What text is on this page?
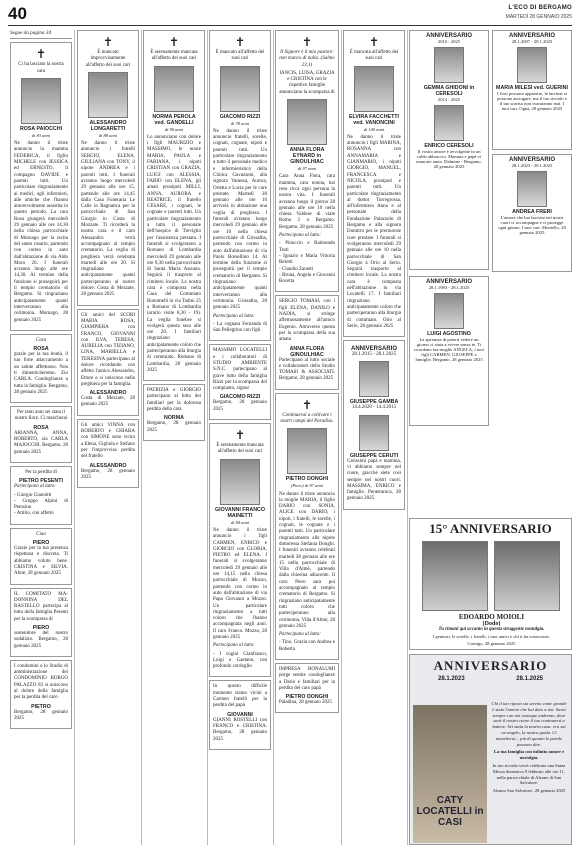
40	L'ECO DI BERGAMO
MARTEDÌ 28 GENNAIO 2025
Segue da pagina 34
✝

Ci ha lasciato la nostra cara

ROSA PAIOCCHI
di 83 anni

Ne danno il triste annuncio la mamma FEDERICA, il figlio MICHELE con JESSICA ed ERNESTO, il compagno DAVIDE e parenti tutti. Un particolare ringraziamento ai medici, agli infermieri, alle amiche che l'hanno amorevolmente assistita in questo periodo. La cara Rosa giungerà mercoledì 29 gennaio alle ore 14,30 nella chiesa parrocchiale di Mornago per la recita del santo rosario, partendo con corteo in auto dall'abitazione di via Aldo Moro 26. I funerali avranno luogo alle ore 14,30. Al termine della funzione si proseguirà per il tempio crematorio di Bergamo. Si ringraziano anticipatamente quanti interverranno alla cerimonia. Mornago, 28 gennaio 2025

Cara

ROSA

grazie per la tua bontà, il tuo forte attaccamento a un salute affettuoso. Non ti dimenticheremo. Zio CARLA. Condoglianze a tutta la famiglia. Bergamo, 28 gennaio 2025

Per tanti anni sei stata il nostro fiore. Ci mancherai

ROSA

ARIANNA, ANNA, ROBERTO, zia CARLA MAJOCCHI. Bergamo, 28 gennaio 2025

Per la perdita di

PIETRO PESENTI

Partecipano al lutto:

- Giorgio Giannitti
- Gruppo Alpini di Petosino
- Attilio, con affetto

Ciao

PIERO

Grazie per la tua presenza rispettosa e discreta. Ti abbiamo voluto bene. CRISTINA e SILVIA. Almè, 28 gennaio 2025

IL COMITATO MA-DONNINA DEL RASTELLO partecipa al lutto della famiglia Pesenti per la scomparsa di

PIERO

sostenitore del nostro sodalizio. Bergamo, 28 gennaio 2025

I condomini e lo Studio di amministrazione del CONDOMINIO BORGO PALAZZO 83 si uniscono al dolore della famiglia per la perdita del caro

PIETRO

Bergamo, 28 gennaio 2025

✝

È mancato improvvisamente all'affetto dei suoi cari

ALESSANDRO LONGARETTI
di 88 anni

Ne danno il triste annuncio i fratelli SERGIO, ELENA, GIULIANA con TONY, il nipote ANDREA e i parenti tutti. I funerali avranno luogo mercoledì 29 gennaio alle ore 15, partendo alle ore 14,45 dalla Casa Funeraria Le Calle in Bagnatica per la parrocchiale di San Giorgio in Costa di Mozzate. Ti ricorderà la nostra cara e il caro Alessandro verrà accompagnato al tempio crematorio. La veglia di preghiera verrà celebrata martedì alle ore 20. Si ringraziano anticipatamente quanti parteciperanno al nostro dolore. Costa di Mezzate, 28 gennaio 2025

Gli amici del SCORI MARIA ROSA, GIAMPIERA con FRANCO, GIOVANNI con ILVA, TERESA, AURELIA con TIZIANO, LINA, MARIELLA e TERESINA partecipano al dolore ricordando con affetto l'amico Alessandro, Ettore e si uniscono nella preghiera per la famiglia.

ALESSANDRO

Costa di Mezzate, 28 gennaio 2025

Gli amici VINNA con ROBERTO e CHIARA con SIMONE sono vicini a Elena, Gigliola e Stefano per l'improvvisa perdita del fratello

ALESSANDRO

Bergamo, 28 gennaio 2025

✝

È serenamente mancata all'affetto dei suoi cari

NORMA PEROLA ved. GANDELLI
di 96 anni

Lo annunciano con dolore i figli MAURIZIO e MASSIMO, le nuore MARIA, PAOLA e FABIANA, i nipoti CRISTIAN con GRAZIA, LUIGI con ALESSIA, FABIO con ELENA, gli amati pronipoti MILLI, ANNA, AURORA e BEATRICE, il fratello CESARE, i cognati, le cognate e parenti tutti. Un particolare ringraziamento a tutto il personale dell'hospice di Treviglio per l'assistenza prestata. I funerali si svolgeranno a Romano di Lombardia mercoledì 29 gennaio alle ore 9,30 nella parrocchiale di Santa Maria Assunta. Seguirà il trasporto al cimitero locale. La nostra cara è composta nella Casa del Commiato Bonomelli in via Tadini 25 a Romano di Lombardia (orario visite 8,30 - 19). La veglia funebre si svolgerà questa sera alle ore 20. I familiari ringraziano anticipatamente coloro che parteciperanno alla liturgia di commiato. Romano di Lombardia, 28 gennaio 2025

PATRIZIA e GIORGIO partecipano al lutto dei familiari per la dolorosa perdita della cara

NORMA

Bergamo, 28 gennaio 2025

✝

È mancato all'affetto dei suoi cari

GIACOMO RIZZI
di 78 anni

Ne danno il triste annuncio fratelli, sorelle, cognati, cognate, nipoti e parenti tutti. Un particolare ringraziamento a tutto il personale medico e infermieristico della Clinica Gavazzeni, alla signora Vanessa, Aurora, Orietta e Lucia per le cure prestate. Martedì 28 gennaio alle ore 16 arriverà in abitazione una veglia di preghiera. I funerali avranno luogo mercoledì 29 gennaio alle ore 10 nella chiesa parrocchiale di Grissalba, partendo con corteo in auto dall'abitazione di via Paolo Borsellino 14. Al termine della funzione si proseguirà per il tempio crematorio di Bergamo. Si ringraziano anticipatamente quanti interverranno alla cerimonia. Grissalba, 28 gennaio 2025

Partecipano al lutto:

- La cognata Fernanda di San Pellegrino con figli

MASSIMO LOCATELLI e i collaboratori di STUDIO AMBIENTE S.N.C. partecipano al grave lutto della famiglia Rizzi per la scomparsa del compianto, signor

GIACOMO RIZZI

Bergamo, 28 gennaio 2025

✝

È serenamente mancata all'affetto dei suoi cari

GIOVANNI FRANCO MAINETTI
di 84 anni

Ne danno il triste annuncio i figli CARMEN, ENRICO e GIORGIO con GLORIA, PIETRO ed ELENA. I funerali si svolgeranno mercoledì 29 gennaio alle ore 14,15 nella chiesa parrocchiale di Mozzo, partendo con corteo in auto dall'abitazione di via Papa Giovanni a Mozzo. Un particolare ringraziamento a tutti coloro che l'hanno accompagnata negli anni. Il caro Franco. Mozzo, 28 gennaio 2025

Partecipano al lutto:

- I cugini Gianfranco, Luigi e Gaetano, con profondo cordoglio

In questo difficile momento siamo vicini a Carmen fratelli per la perdita del papà

GIOVANNI

GIANNI ROSTELLI con FRANCO e CRISTINA. Bergamo, 28 gennaio 2025

✝

Il Signore è il mio pastore: non manco di nulla. (Salmo 23,1)

IANCIS, LUISA, GRAZIA e CRISTINA con le rispettive famiglie annunciano la scomparsa di

ANNA FLORA EYNARD in GINOULHIAC
di 97 anni

Cara Anna Flora, cara mamma, cara nonna, hai reso ricca ogni persona la nostra vita. I funerali avranno luogo il giorno 28 gennaio alle ore 10 nella chiesa Valdese di viale Roma 2 a Bergamo. Bergamo, 28 gennaio 2025

Partecipano al lutto:

- Pinuccio e Raimondo Testi
- Ignazio e Maria Vittoria Belotti
- Claudio Zanetti
- Bruna, Angela e Giovanni Rocetta

SERGIO TOMASI, con i figli ELENA, DANILO e NADIA, si stringe affettuosamente all'amico Eugenio. Attraverso questa per la scomparsa della sua amata

ANNA FLORA GINOULHIAC

Partecipano al lutto sociale e collaboratori dello Studio TOMASI & ASSOCIATI. Bergamo, 28 gennaio 2025

✝

Continuerai a coltivare i nostri campi del Paradiso.

PIETRO DONGHI
(Piero) di 87 anni

Ne danno il triste annuncio la moglie MARIA, il figlio DARIO con SONIA, ALICE con DARIO, i nipoti, i fratelli, le sorelle, i cognati, le cognate e i parenti tutti. Un particolare ringraziamento alle nipote dottoressa Stefania Donghi. I funerali avranno celebrati martedì 28 gennaio alle ore 15 nella parrocchiale di Villa d'Almè, partendo dalla chiesina adiacente. Il caro Piero sarà poi accompagnato al tempio crematorio di Bergamo. Si ringraziano anticipatamente tutti coloro che parteciperanno alla cerimonia. Villa d'Almè, 28 gennaio 2025

Partecipano al lutto:

- Tino, Grazia con Andrea e Roberta

IMPRESA BONALUMI porge sentite condoglianze a Dario e familiari per la perdita del caro papà

PIETRO DONGHI

Paladina, 28 gennaio 2025

✝

È mancata all'affetto dei suoi cari

ELVIRA FACCHETTI ved. VANONCINI
di 100 anni

Ne danno il triste annuncio i figli MARINA, ROSANNA con ANNAMARIA e GIANMARIO, i nipoti GIORGIO, MANUEL, FRANCESCA e NICOLA, pronipoti e parenti tutti. Un particolare ringraziamento al dottor Torregrossa, all'infermiera Anna e al personale della Fondazione Palazzolo di Bergamo e alla signora Dumitru per le premurose cure prestate. I funerali si svolgeranno mercoledì 29 gennaio alle ore 10 nella parrocchiale di San Giorgio a Orio al Serio. Seguirà trasporto al cimitero locale. La nostra cara è composta nell'abitazione in via Locatelli 17. I familiari ringraziano anticipatamente coloro che parteciperanno alla liturgia di commiato. Orio al Serio, 28 gennaio 2025

ANNIVERSARIO

28.1.2015 - 28.1.2025

GIUSEPPE GAMBA

14.4.2020 - 14.4.2015

GIUSEPPE CERUTI

Carissimi papà e mamma, vi abbiamo sempre nel cuore, giacché siete così sempre nei nostri cuori. MASSIMA, ENRICO e famiglie. Ponteranica, 28 gennaio 2025

ANNIVERSARIO

2010 - 2025

GEMMA GHIDONI in CERESOLI

2014 - 2025

ENRICO CERESOLI

Il vostro amore è avvolgente in un caldo abbraccio. Mamma e papà vi mancate tanto. Dalmine - Bergamo, 28 gennaio 2025

ANNIVERSARIO

28.1.2007 - 28.1.2025

MARIA MILESI ved. GUERINI

I fiori possono appassire, le lacrime si possono asciugare, ma il tuo ricordo e il tuo sorriso non svaniranno mai. I tuoi cari. Ogna, 28 gennaio 2025

ANNIVERSARIO

28.1.2023 - 28.1.2025

ANDREA FRERI

L'amore che hai lasciato nei nostri cuori ci accompagna e ci protegge ogni giorno. I tuoi cari. Montello, 28 gennaio 2025

ANNIVERSARIO

28.1.1983 - 28.1.2025

LUIGI AGOSTINO

La speranza di poterti vedere un giorno ci aiuta a vivere senza te. Ti ricordano tua moglie ANGELA, i tuoi figli CARMEN, GIUSEPPE e famiglie. Bergamo, 28 gennaio 2025

15° ANNIVERSARIO
EDOARDO MOIOLI
(Dodo)

Tu rimani qui accanto in questa struggente nostalgia.

I genitori, le sorelle, i fratelli, i tuoi amici e chi ti ha conosciuto.

Casnigo, 28 gennaio 2025

ANNIVERSARIO
28.1.2023	28.1.2025
CATY LOCATELLI in CASI

Chi il tuo riposo sia sereno come grande è stato l'amore che hai dato a noi. Sarai sempre con noi ovunque andremo, dove sarà il nostro cuore il tuo continuerà a battere. Sei stata la nostra casa: era sai un angelo, la nostra guida. Ci mancherai... più di quanto le parole possono dire.

La tua famiglia con infinito amore e nostalgia.

In tuo ricordo verrà celebrata una Santa Messa domenica 9 febbraio alle ore 11, nella parrocchiale di Alzano di San Salvatore.

Alzano San Salvatore, 28 gennaio 2025
